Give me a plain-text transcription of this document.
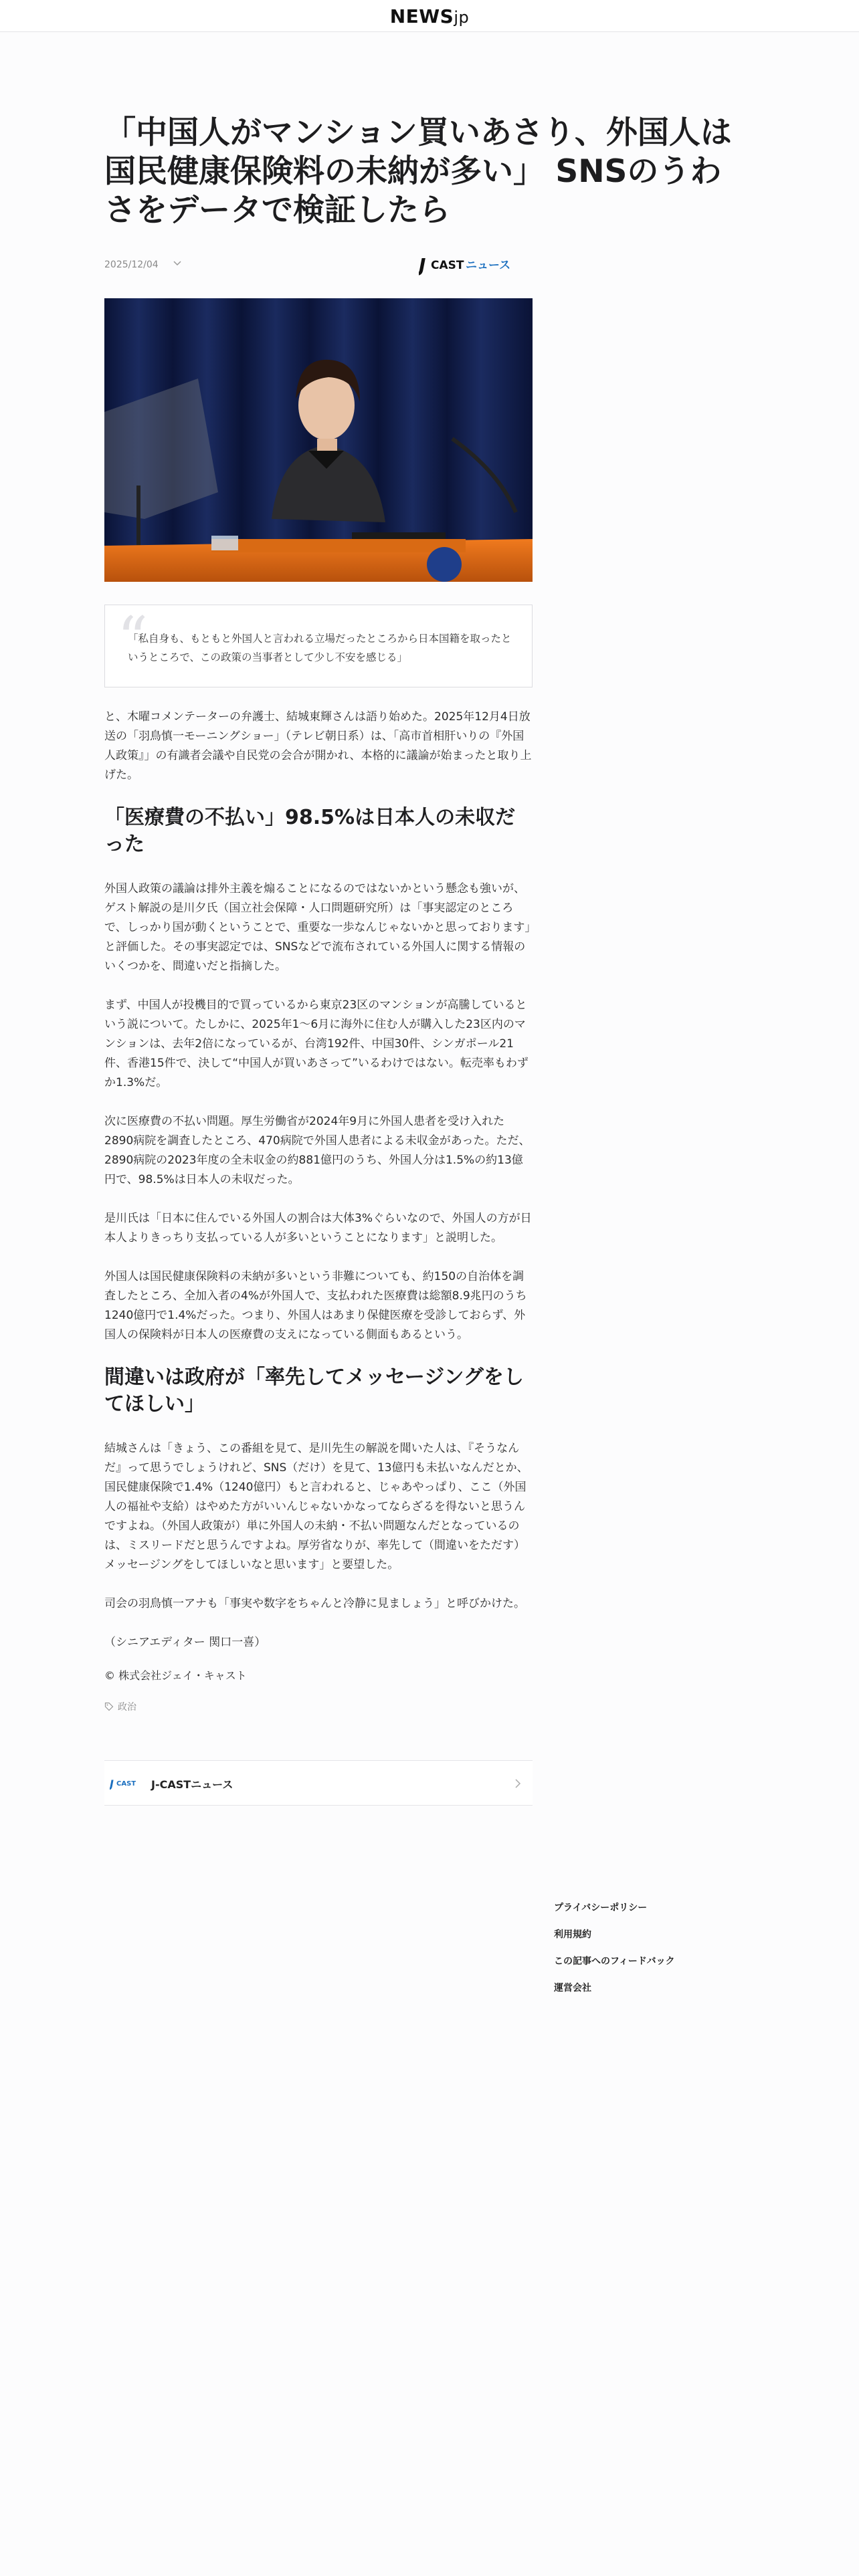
NEWSjp
「中国人がマンション買いあさり、外国人は国民健康保険料の未納が多い」 SNSのうわさをデータで検証したら
2025/12/04	J CAST ニュース
“

「私自身も、もともと外国人と言われる立場だったところから日本国籍を取ったというところで、この政策の当事者として少し不安を感じる」

と、木曜コメンテーターの弁護士、結城東輝さんは語り始めた。2025年12月4日放送の「羽鳥慎一モーニングショー」（テレビ朝日系）は、「高市首相肝いりの『外国人政策』」の有識者会議や自民党の会合が開かれ、本格的に議論が始まったと取り上げた。

「医療費の不払い」98.5%は日本人の未収だった

外国人政策の議論は排外主義を煽ることになるのではないかという懸念も強いが、ゲスト解説の是川夕氏（国立社会保障・人口問題研究所）は「事実認定のところで、しっかり国が動くということで、重要な一歩なんじゃないかと思っております」と評価した。その事実認定では、SNSなどで流布されている外国人に関する情報のいくつかを、間違いだと指摘した。

まず、中国人が投機目的で買っているから東京23区のマンションが高騰しているという説について。たしかに、2025年1～6月に海外に住む人が購入した23区内のマンションは、去年2倍になっているが、台湾192件、中国30件、シンガポール21件、香港15件で、決して“中国人が買いあさって”いるわけではない。転売率もわずか1.3%だ。

次に医療費の不払い問題。厚生労働省が2024年9月に外国人患者を受け入れた2890病院を調査したところ、470病院で外国人患者による未収金があった。ただ、2890病院の2023年度の全未収金の約881億円のうち、外国人分は1.5%の約13億円で、98.5%は日本人の未収だった。

是川氏は「日本に住んでいる外国人の割合は大体3%ぐらいなので、外国人の方が日本人よりきっちり支払っている人が多いということになります」と説明した。

外国人は国民健康保険料の未納が多いという非難についても、約150の自治体を調査したところ、全加入者の4%が外国人で、支払われた医療費は総額8.9兆円のうち1240億円で1.4%だった。つまり、外国人はあまり保健医療を受診しておらず、外国人の保険料が日本人の医療費の支えになっている側面もあるという。

間違いは政府が「率先してメッセージングをしてほしい」

結城さんは「きょう、この番組を見て、是川先生の解説を聞いた人は、『そうなんだ』って思うでしょうけれど、SNS（だけ）を見て、13億円も未払いなんだとか、国民健康保険で1.4%（1240億円）もと言われると、じゃあやっぱり、ここ（外国人の福祉や支給）はやめた方がいいんじゃないかなってならざるを得ないと思うんですよね。（外国人政策が）単に外国人の未納・不払い問題なんだとなっているのは、ミスリードだと思うんですよね。厚労省なりが、率先して（間違いをただす）メッセージングをしてほしいなと思います」と要望した。

司会の羽鳥慎一アナも「事実や数字をちゃんと冷静に見ましょう」と呼びかけた。

（シニアエディター 関口一喜）

© 株式会社ジェイ・キャスト

政治
J CAST J-CASTニュース
プライバシーポリシー
利用規約
この記事へのフィードバック
運営会社
